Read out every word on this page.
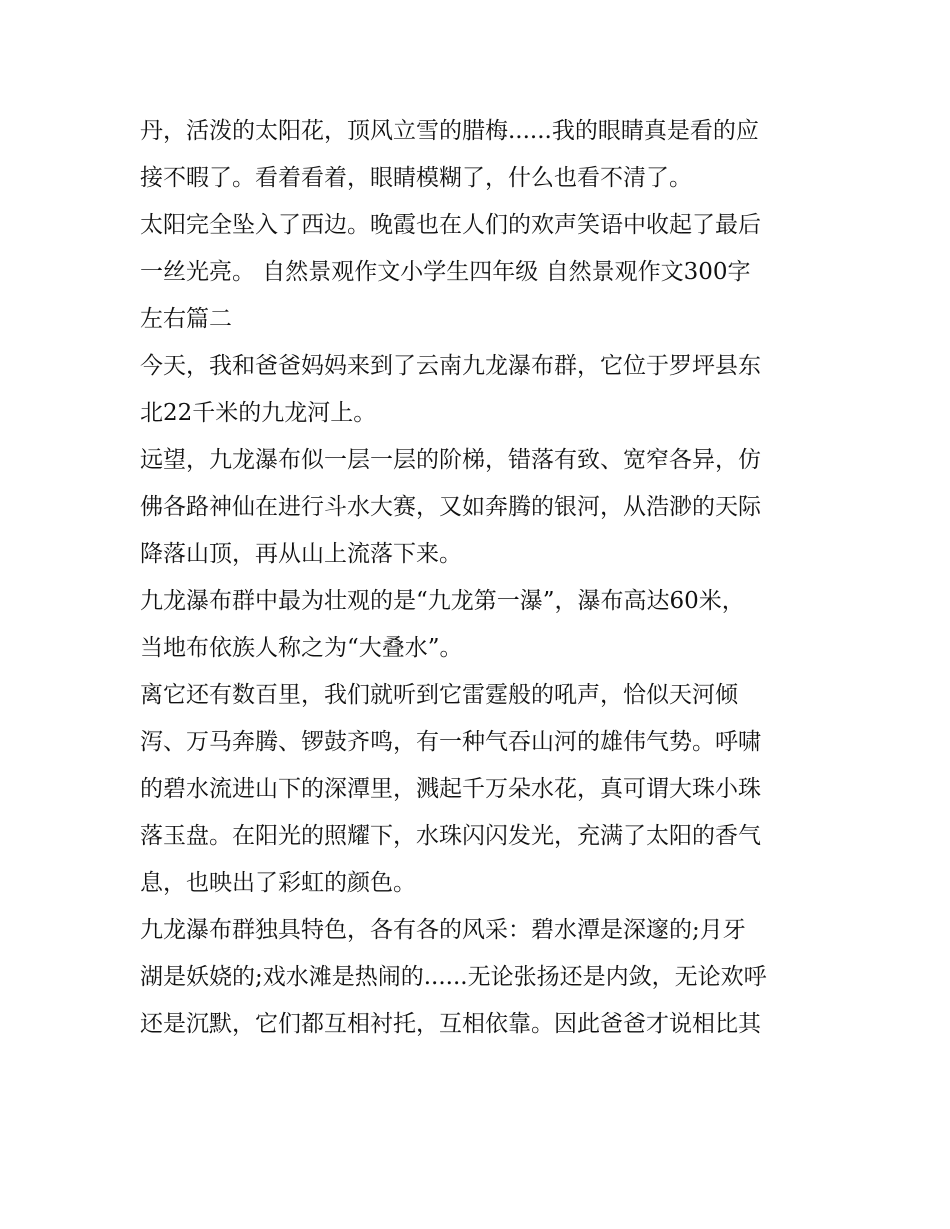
丹，活泼的太阳花，顶风立雪的腊梅......我的眼睛真是看的应
接不暇了。看着看着，眼睛模糊了，什么也看不清了。
太阳完全坠入了西边。晚霞也在人们的欢声笑语中收起了最后
一丝光亮。 自然景观作文小学生四年级 自然景观作文300字
左右篇二
今天，我和爸爸妈妈来到了云南九龙瀑布群，它位于罗坪县东
北22千米的九龙河上。
远望，九龙瀑布似一层一层的阶梯，错落有致、宽窄各异，仿
佛各路神仙在进行斗水大赛，又如奔腾的银河，从浩渺的天际
降落山顶，再从山上流落下来。
九龙瀑布群中最为壮观的是“九龙第一瀑”，瀑布高达60米，
当地布依族人称之为“大叠水”。
离它还有数百里，我们就听到它雷霆般的吼声，恰似天河倾
泻、万马奔腾、锣鼓齐鸣，有一种气吞山河的雄伟气势。呼啸
的碧水流进山下的深潭里，溅起千万朵水花，真可谓大珠小珠
落玉盘。在阳光的照耀下，水珠闪闪发光，充满了太阳的香气
息，也映出了彩虹的颜色。
九龙瀑布群独具特色，各有各的风采：碧水潭是深邃的;月牙
湖是妖娆的;戏水滩是热闹的......无论张扬还是内敛，无论欢呼
还是沉默，它们都互相衬托，互相依靠。因此爸爸才说相比其
